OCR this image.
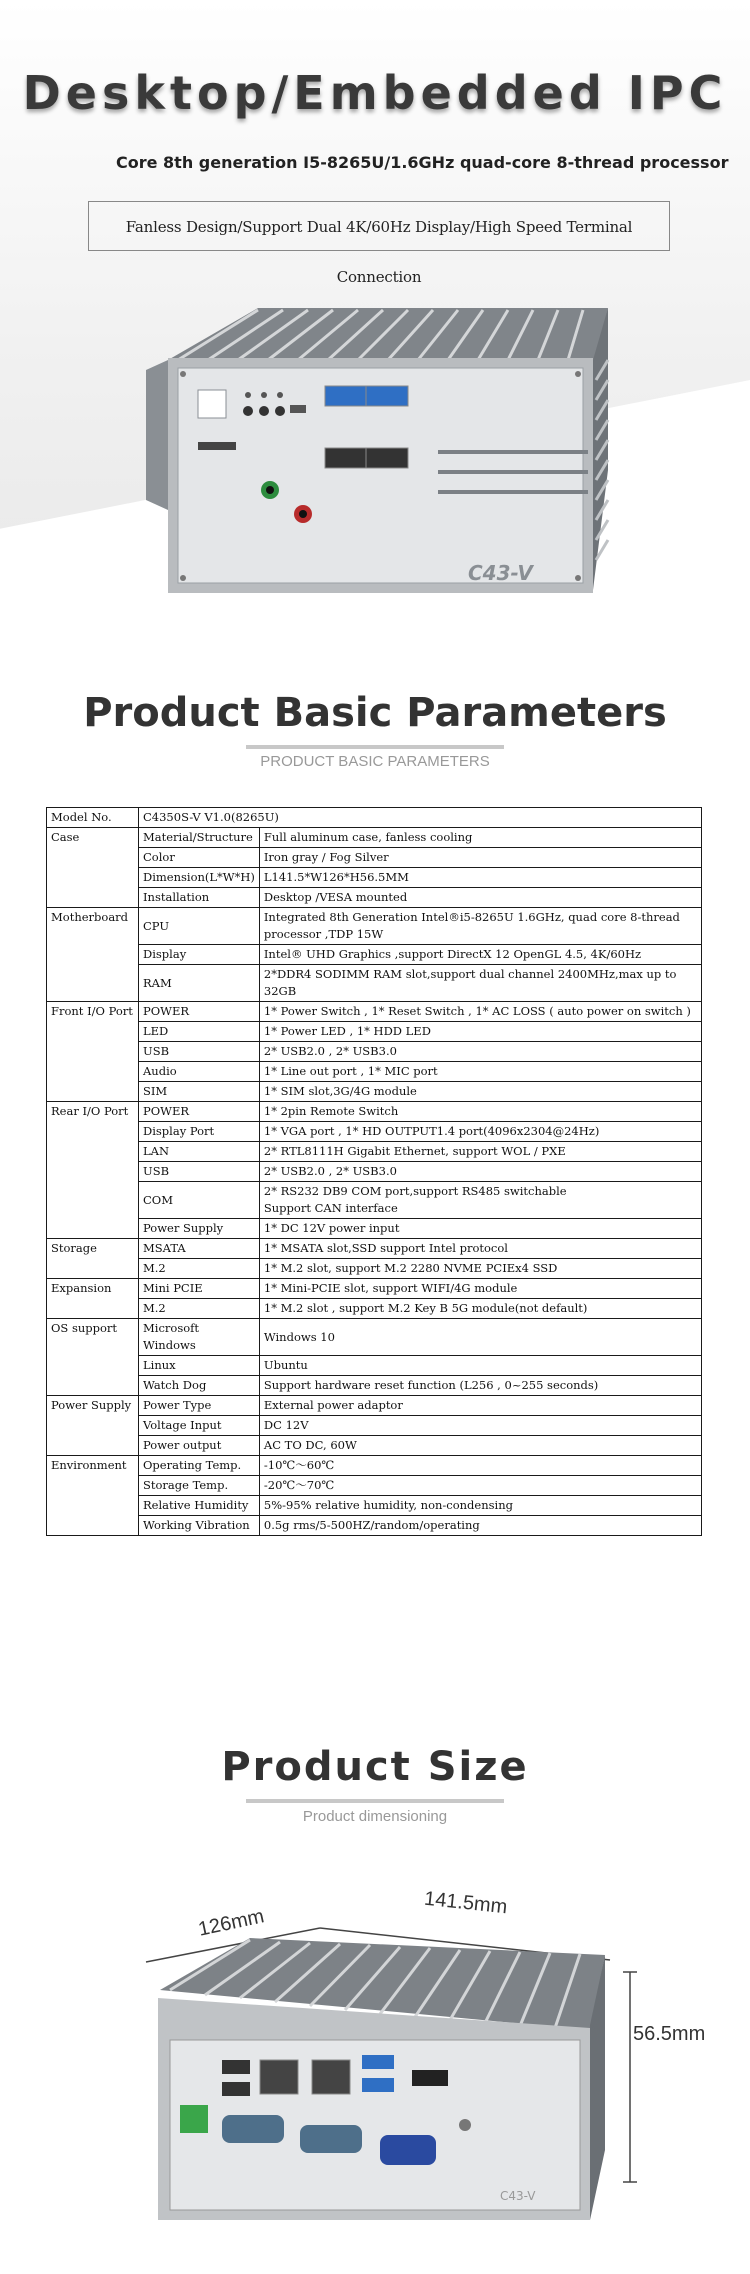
Desktop/Embedded IPC
Core 8th generation I5-8265U/1.6GHz quad-core 8-thread processor
Fanless Design/Support Dual 4K/60Hz Display/High Speed Terminal Connection
C43-V
Product Basic Parameters
PRODUCT BASIC PARAMETERS
Model No.	C4350S-V V1.0(8265U)	
Case	Material/Structure	Full aluminum case, fanless cooling
	Color	Iron gray / Fog Silver
	Dimension(L*W*H)	L141.5*W126*H56.5MM
	Installation	Desktop /VESA mounted
Motherboard	CPU	Integrated 8th Generation Intel®i5-8265U 1.6GHz, quad core 8-thread processor ,TDP 15W
	Display	Intel® UHD Graphics ,support DirectX 12 OpenGL 4.5, 4K/60Hz
	RAM	2*DDR4 SODIMM RAM slot,support dual channel 2400MHz,max up to 32GB
Front I/O Port	POWER	1* Power Switch , 1* Reset Switch , 1* AC LOSS ( auto power on switch )
	LED	1* Power LED , 1* HDD LED
	USB	2* USB2.0 , 2* USB3.0
	Audio	1* Line out port , 1* MIC port
	SIM	1* SIM slot,3G/4G module
Rear I/O Port	POWER	1* 2pin Remote Switch
	Display Port	1* VGA port , 1* HD OUTPUT1.4 port(4096x2304@24Hz)
	LAN	2* RTL8111H Gigabit Ethernet, support WOL / PXE
	USB	2* USB2.0 , 2* USB3.0
	COM	2* RS232 DB9 COM port,support RS485 switchable
Support CAN interface
	Power Supply	1* DC 12V power input
Storage	MSATA	1* MSATA slot,SSD support Intel protocol
	M.2	1* M.2 slot, support M.2 2280 NVME PCIEx4 SSD
Expansion	Mini PCIE	1* Mini-PCIE slot, support WIFI/4G module
	M.2	1* M.2 slot , support M.2 Key B 5G module(not default)
OS support	Microsoft Windows	Windows 10
	Linux	Ubuntu
	Watch Dog	Support hardware reset function (L256 , 0~255 seconds)
Power Supply	Power Type	External power adaptor
	Voltage Input	DC 12V
	Power output	AC TO DC, 60W
Environment	Operating Temp.	-10℃～60℃
	Storage Temp.	-20℃～70℃
	Relative Humidity	5%-95% relative humidity, non-condensing
	Working Vibration	0.5g rms/5-500HZ/random/operating
Product Size
Product dimensioning
C43-V
126mm
141.5mm
56.5mm
